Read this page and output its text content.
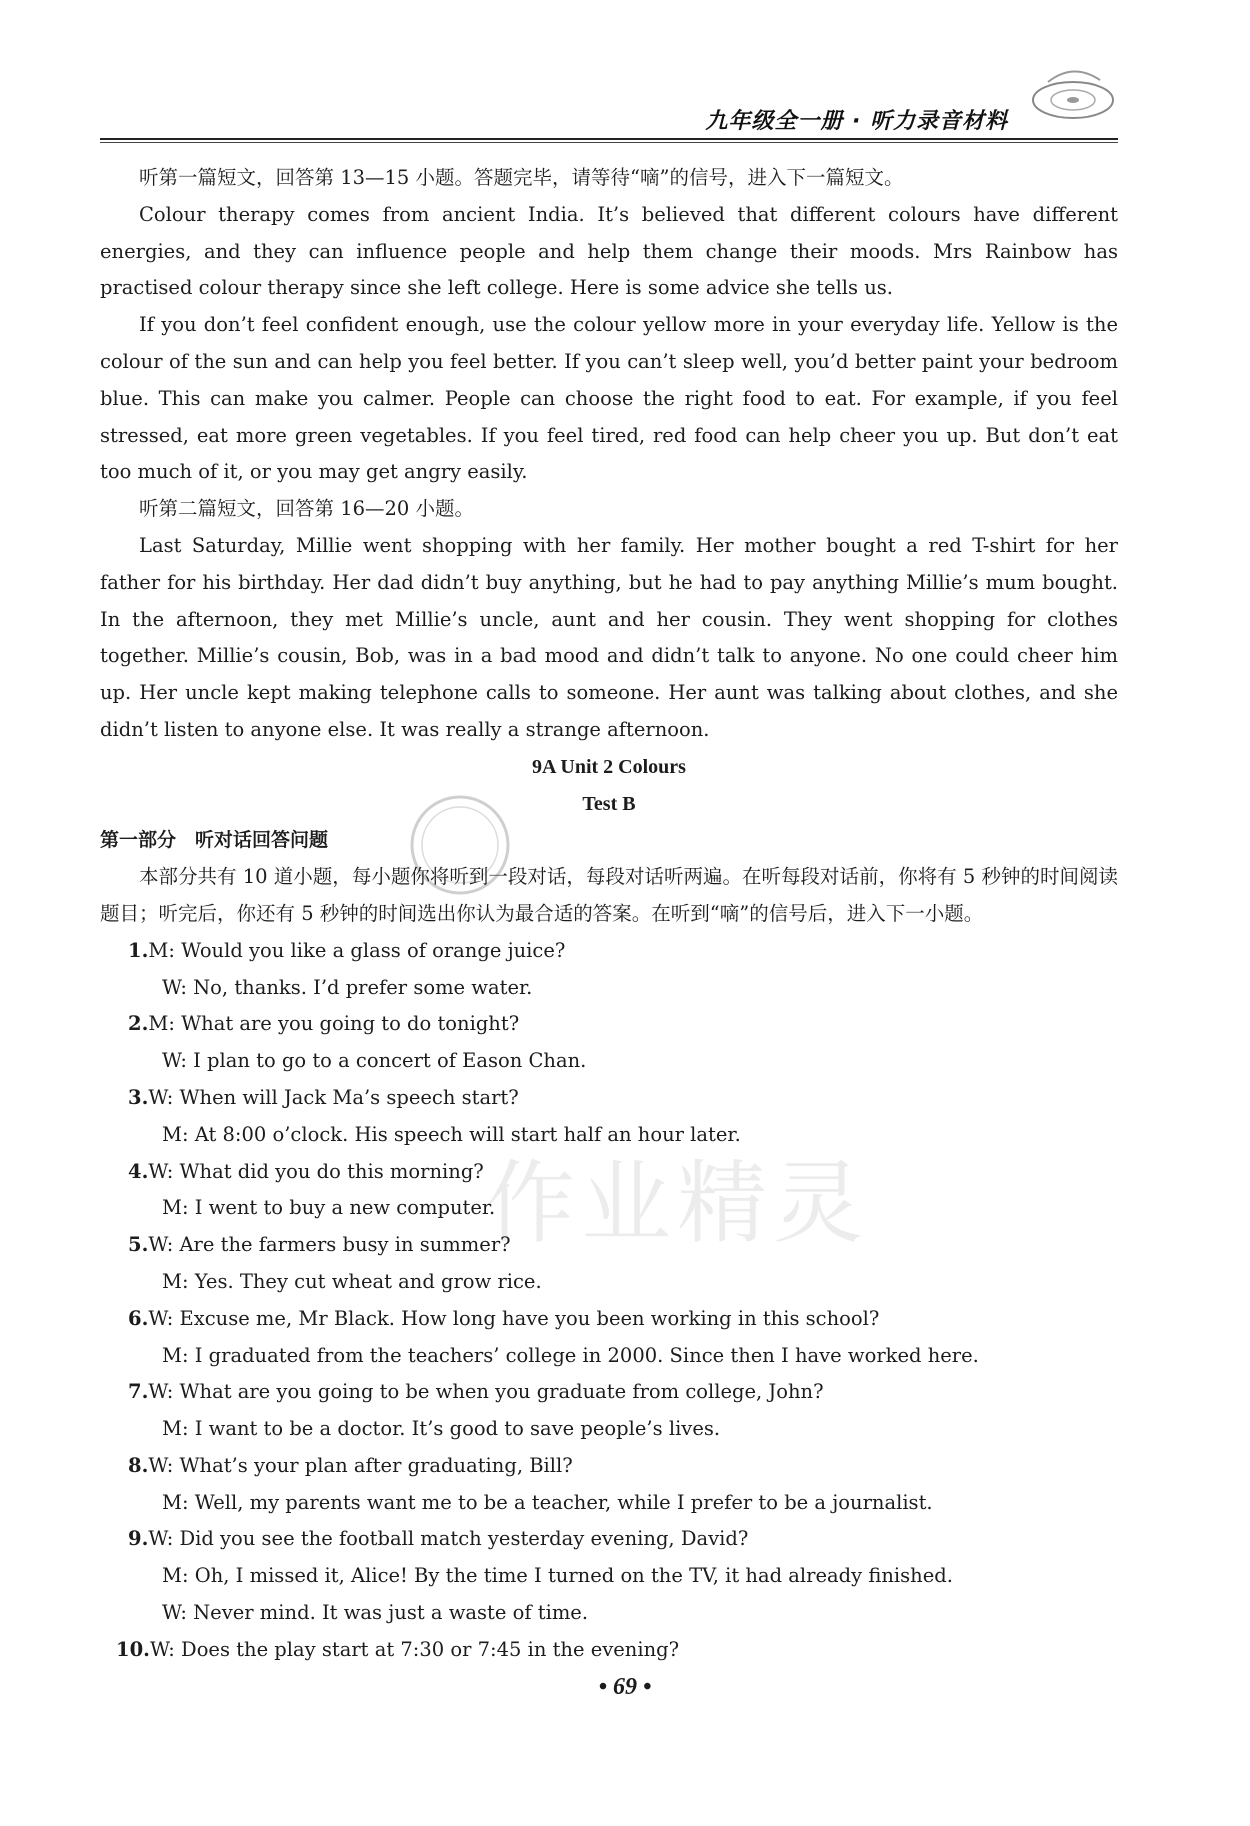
九年级全一册 · 听力录音材料
作业精灵

听第一篇短文，回答第 13—15 小题。答题完毕，请等待“嘀”的信号，进入下一篇短文。

Colour therapy comes from ancient India. It’s believed that different colours have different energies, and they can influence people and help them change their moods. Mrs Rainbow has practised colour therapy since she left college. Here is some advice she tells us.

If you don’t feel confident enough, use the colour yellow more in your everyday life. Yellow is the colour of the sun and can help you feel better. If you can’t sleep well, you’d better paint your bedroom blue. This can make you calmer. People can choose the right food to eat. For example, if you feel stressed, eat more green vegetables. If you feel tired, red food can help cheer you up. But don’t eat too much of it, or you may get angry easily.

听第二篇短文，回答第 16—20 小题。

Last Saturday, Millie went shopping with her family. Her mother bought a red T-shirt for her father for his birthday. Her dad didn’t buy anything, but he had to pay anything Millie’s mum bought. In the afternoon, they met Millie’s uncle, aunt and her cousin. They went shopping for clothes together. Millie’s cousin, Bob, was in a bad mood and didn’t talk to anyone. No one could cheer him up. Her uncle kept making telephone calls to someone. Her aunt was talking about clothes, and she didn’t listen to anyone else. It was really a strange afternoon.

9A Unit 2 Colours

Test B

第一部分　听对话回答问题

本部分共有 10 道小题，每小题你将听到一段对话，每段对话听两遍。在听每段对话前，你将有 5 秒钟的时间阅读题目；听完后，你还有 5 秒钟的时间选出你认为最合适的答案。在听到“嘀”的信号后，进入下一小题。

1.M: Would you like a glass of orange juice?

W: No, thanks. I’d prefer some water.

2.M: What are you going to do tonight?

W: I plan to go to a concert of Eason Chan.

3.W: When will Jack Ma’s speech start?

M: At 8:00 o’clock. His speech will start half an hour later.

4.W: What did you do this morning?

M: I went to buy a new computer.

5.W: Are the farmers busy in summer?

M: Yes. They cut wheat and grow rice.

6.W: Excuse me, Mr Black. How long have you been working in this school?

M: I graduated from the teachers’ college in 2000. Since then I have worked here.

7.W: What are you going to be when you graduate from college, John?

M: I want to be a doctor. It’s good to save people’s lives.

8.W: What’s your plan after graduating, Bill?

M: Well, my parents want me to be a teacher, while I prefer to be a journalist.

9.W: Did you see the football match yesterday evening, David?

M: Oh, I missed it, Alice! By the time I turned on the TV, it had already finished.

W: Never mind. It was just a waste of time.

10.W: Does the play start at 7:30 or 7:45 in the evening?

• 69 •
